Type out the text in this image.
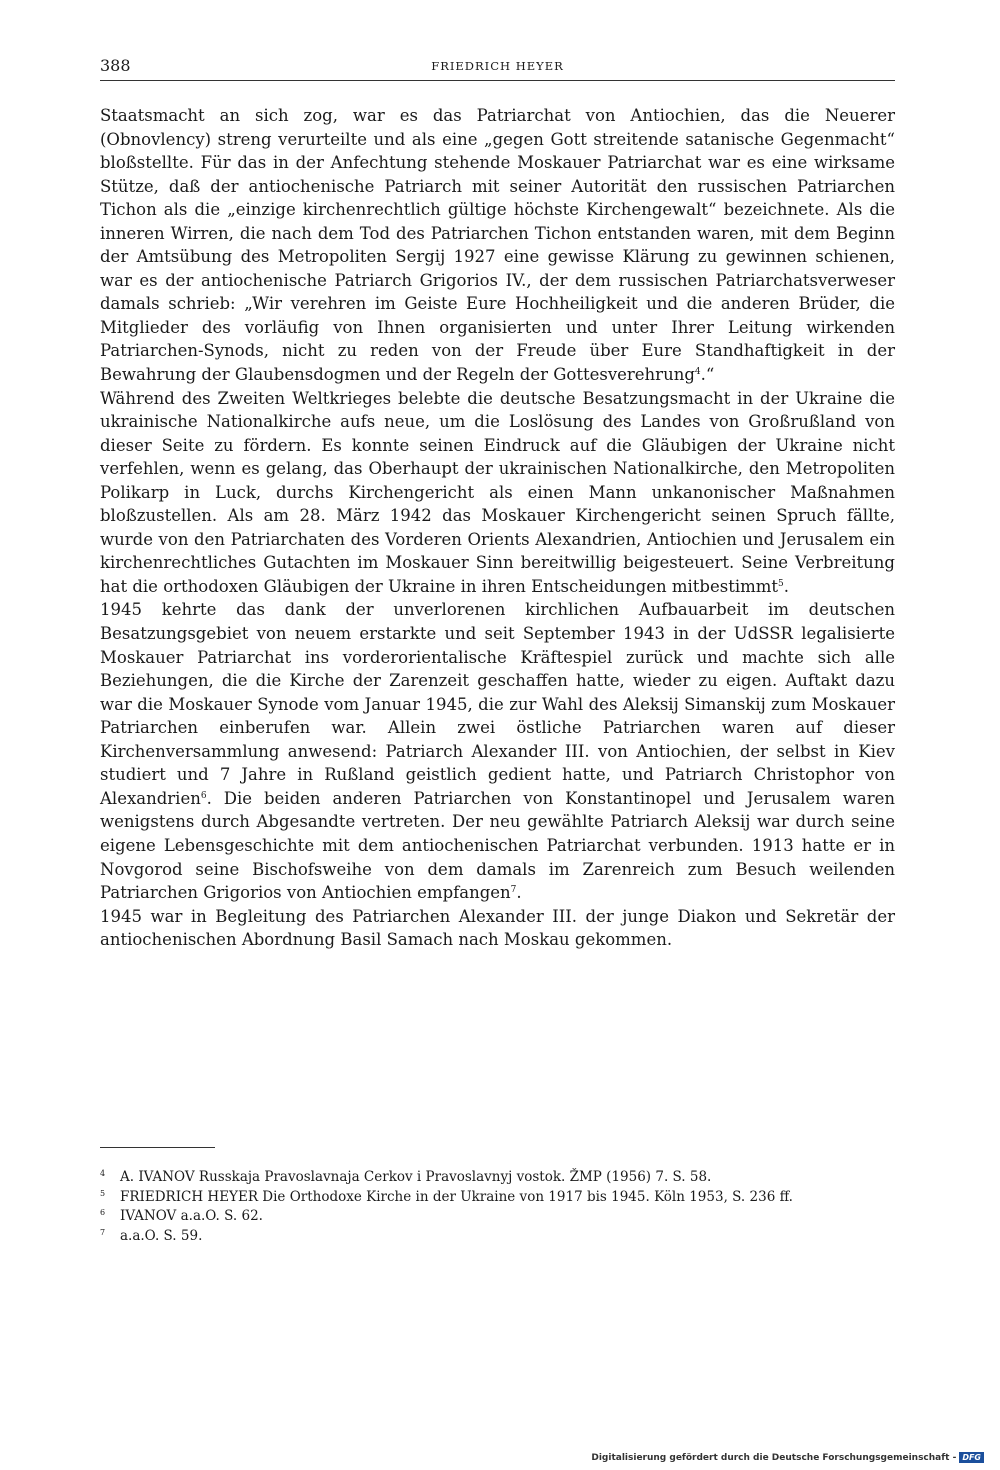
388	FRIEDRICH HEYER

Staatsmacht an sich zog, war es das Patriarchat von Antiochien, das die Neuerer (Obnovlency) streng verurteilte und als eine „gegen Gott streitende satanische Gegenmacht“ bloßstellte. Für das in der Anfechtung stehende Moskauer Patriarchat war es eine wirksame Stütze, daß der antiochenische Patriarch mit seiner Autorität den russischen Patriarchen Tichon als die „einzige kirchenrechtlich gültige höchste Kirchengewalt“ bezeichnete. Als die inneren Wirren, die nach dem Tod des Patriarchen Tichon entstanden waren, mit dem Beginn der Amtsübung des Metropoliten Sergij 1927 eine gewisse Klärung zu gewinnen schienen, war es der antiochenische Patriarch Grigorios IV., der dem russischen Patriarchatsverweser damals schrieb: „Wir verehren im Geiste Eure Hochheiligkeit und die anderen Brüder, die Mitglieder des vorläufig von Ihnen organisierten und unter Ihrer Leitung wirkenden Patriarchen-Synods, nicht zu reden von der Freude über Eure Standhaftigkeit in der Bewahrung der Glaubensdogmen und der Regeln der Gottesverehrung$^4$.“

Während des Zweiten Weltkrieges belebte die deutsche Besatzungsmacht in der Ukraine die ukrainische Nationalkirche aufs neue, um die Loslösung des Landes von Großrußland von dieser Seite zu fördern. Es konnte seinen Eindruck auf die Gläubigen der Ukraine nicht verfehlen, wenn es gelang, das Oberhaupt der ukrainischen Nationalkirche, den Metropoliten Polikarp in Luck, durchs Kirchengericht als einen Mann unkanonischer Maßnahmen bloßzustellen. Als am 28. März 1942 das Moskauer Kirchengericht seinen Spruch fällte, wurde von den Patriarchaten des Vorderen Orients Alexandrien, Antiochien und Jerusalem ein kirchenrechtliches Gutachten im Moskauer Sinn bereitwillig beigesteuert. Seine Verbreitung hat die orthodoxen Gläubigen der Ukraine in ihren Entscheidungen mitbestimmt$^5$.

1945 kehrte das dank der unverlorenen kirchlichen Aufbauarbeit im deutschen Besatzungsgebiet von neuem erstarkte und seit September 1943 in der UdSSR legalisierte Moskauer Patriarchat ins vorderorientalische Kräftespiel zurück und machte sich alle Beziehungen, die die Kirche der Zarenzeit geschaffen hatte, wieder zu eigen. Auftakt dazu war die Moskauer Synode vom Januar 1945, die zur Wahl des Aleksij Simanskij zum Moskauer Patriarchen einberufen war. Allein zwei östliche Patriarchen waren auf dieser Kirchenversammlung anwesend: Patriarch Alexander III. von Antiochien, der selbst in Kiev studiert und 7 Jahre in Rußland geistlich gedient hatte, und Patriarch Christophor von Alexandrien$^6$. Die beiden anderen Patriarchen von Konstantinopel und Jerusalem waren wenigstens durch Abgesandte vertreten. Der neu gewählte Patriarch Aleksij war durch seine eigene Lebensgeschichte mit dem antiochenischen Patriarchat verbunden. 1913 hatte er in Novgorod seine Bischofsweihe von dem damals im Zarenreich zum Besuch weilenden Patriarchen Grigorios von Antiochien empfangen$^7$.

1945 war in Begleitung des Patriarchen Alexander III. der junge Diakon und Sekretär der antiochenischen Abordnung Basil Samach nach Moskau gekommen.

4 A. IVANOV Russkaja Pravoslavnaja Cerkov i Pravoslavnyj vostok. ŽMP (1956) 7. S. 58.

5 FRIEDRICH HEYER Die Orthodoxe Kirche in der Ukraine von 1917 bis 1945. Köln 1953, S. 236 ff.

6 IVANOV a.a.O. S. 62.

7 a.a.O. S. 59.

Digitalisierung gefördert durch die Deutsche Forschungsgemeinschaft - DFG
